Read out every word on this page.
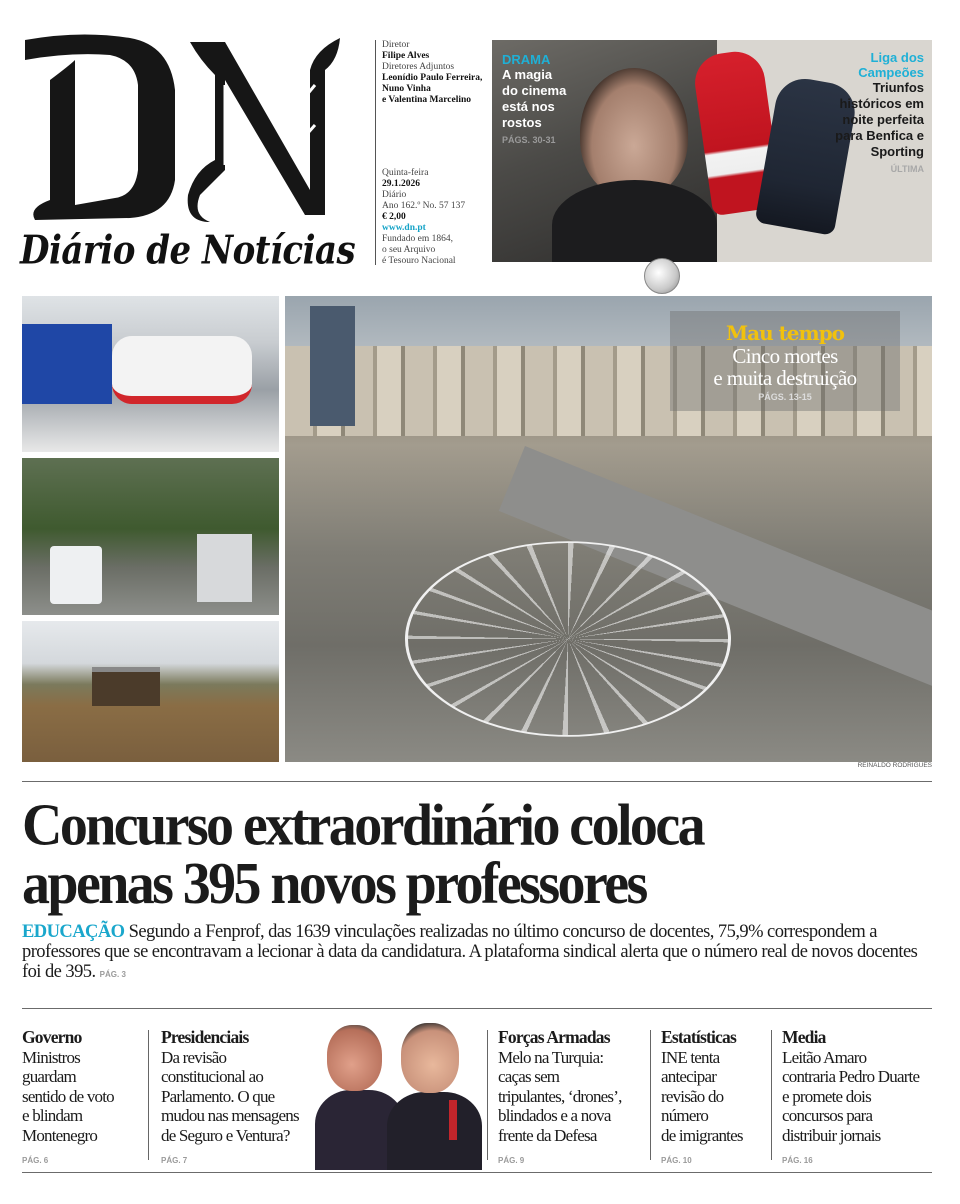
Diário de Notícias
Diretor
Filipe Alves
Diretores Adjuntos
Leonídio Paulo Ferreira,
Nuno Vinha
e Valentina Marcelino
Quinta-feira
29.1.2026
Diário
Ano 162.º No. 57 137
€ 2,00
www.dn.pt
Fundado em 1864,
o seu Arquivo
é Tesouro Nacional
DRAMA
A magia
do cinema
está nos
rostos
PÁGS. 30-31
Liga dos
Campeões
Triunfos
históricos em
noite perfeita
para Benfica e
Sporting
ÚLTIMA
Mau tempo
Cinco mortes
e muita destruição
PÁGS. 13-15
REINALDO RODRIGUES
Concurso extraordinário coloca
apenas 395 novos professores
EDUCAÇÃO Segundo a Fenprof, das 1639 vinculações realizadas no último concurso de docentes, 75,9% correspondem a professores que se encontravam a lecionar à data da candidatura. A plataforma sindical alerta que o número real de novos docentes foi de 395. PÁG. 3
Governo
Ministros
guardam
sentido de voto
e blindam
Montenegro
PÁG. 6
Presidenciais
Da revisão
constitucional ao
Parlamento. O que
mudou nas mensagens
de Seguro e Ventura?
PÁG. 7
Forças Armadas
Melo na Turquia:
caças sem
tripulantes, ‘drones’,
blindados e a nova
frente da Defesa
PÁG. 9
Estatísticas
INE tenta
antecipar
revisão do
número
de imigrantes
PÁG. 10
Media
Leitão Amaro
contraria Pedro Duarte
e promete dois
concursos para
distribuir jornais
PÁG. 16
